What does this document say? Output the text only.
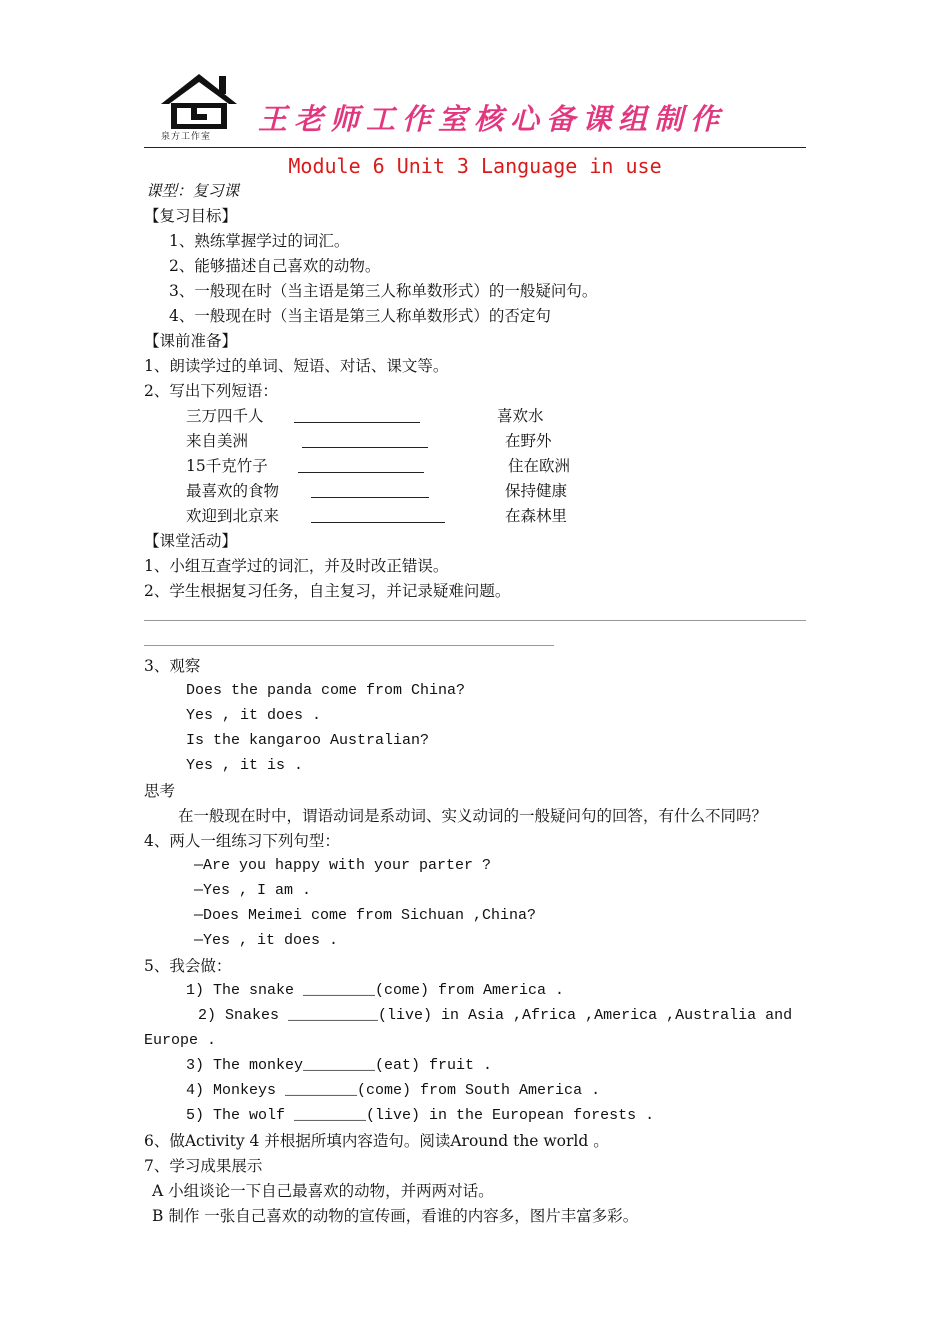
泉方工作室
王老师工作室核心备课组制作
Module 6 Unit 3 Language in use
课型：复习课
【复习目标】
1、熟练掌握学过的词汇。
2、能够描述自己喜欢的动物。
3、一般现在时（当主语是第三人称单数形式）的一般疑问句。
4、一般现在时（当主语是第三人称单数形式）的否定句
【课前准备】
1、朗读学过的单词、短语、对话、课文等。
2、写出下列短语：
三万四千人	喜欢水
来自美洲	在野外
15千克竹子	住在欧洲
最喜欢的食物	保持健康
欢迎到北京来	在森林里
【课堂活动】
1、小组互查学过的词汇，并及时改正错误。
2、学生根据复习任务，自主复习，并记录疑难问题。
3、观察
Does the panda come from China?
Yes , it does .
Is the kangaroo Australian?
Yes , it is .
思考
在一般现在时中，谓语动词是系动词、实义动词的一般疑问句的回答，有什么不同吗？
4、两人一组练习下列句型：
—Are you happy with your parter ?
—Yes , I am .
—Does Meimei come from Sichuan ,China?
—Yes , it does .
5、我会做：
1) The snake ________(come) from America .
2) Snakes __________(live) in Asia ,Africa ,America ,Australia and
Europe .
3) The monkey________(eat) fruit .
4) Monkeys ________(come) from South America .
5) The wolf ________(live) in the European forests .
6、做Activity 4 并根据所填内容造句。阅读Around the world 。
7、学习成果展示
A 小组谈论一下自己最喜欢的动物，并两两对话。
B 制作 一张自己喜欢的动物的宣传画，看谁的内容多，图片丰富多彩。
